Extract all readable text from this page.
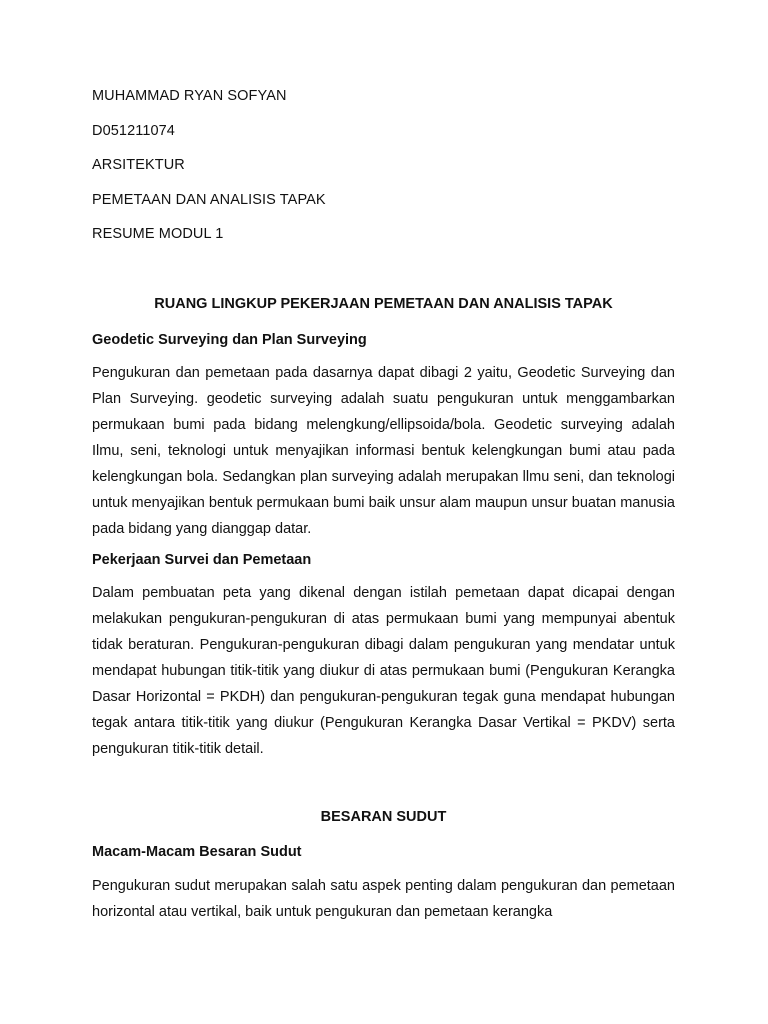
MUHAMMAD RYAN SOFYAN
D051211074
ARSITEKTUR
PEMETAAN DAN ANALISIS TAPAK
RESUME MODUL 1
RUANG LINGKUP PEKERJAAN PEMETAAN DAN ANALISIS TAPAK
Geodetic Surveying dan Plan Surveying

Pengukuran dan pemetaan pada dasarnya dapat dibagi 2 yaitu, Geodetic Surveying dan Plan Surveying. geodetic surveying adalah suatu pengukuran untuk menggambarkan permukaan bumi pada bidang melengkung/ellipsoida/bola. Geodetic surveying adalah Ilmu, seni, teknologi untuk menyajikan informasi bentuk kelengkungan bumi atau pada kelengkungan bola. Sedangkan plan surveying adalah merupakan llmu seni, dan teknologi untuk menyajikan bentuk permukaan bumi baik unsur alam maupun unsur buatan manusia pada bidang yang dianggap datar.

Pekerjaan Survei dan Pemetaan

Dalam pembuatan peta yang dikenal dengan istilah pemetaan dapat dicapai dengan melakukan pengukuran-pengukuran di atas permukaan bumi yang mempunyai abentuk tidak beraturan. Pengukuran-pengukuran dibagi dalam pengukuran yang mendatar untuk mendapat hubungan titik-titik yang diukur di atas permukaan bumi (Pengukuran Kerangka Dasar Horizontal = PKDH) dan pengukuran-pengukuran tegak guna mendapat hubungan tegak antara titik-titik yang diukur (Pengukuran Kerangka Dasar Vertikal = PKDV) serta pengukuran titik-titik detail.

BESARAN SUDUT
Macam-Macam Besaran Sudut

Pengukuran sudut merupakan salah satu aspek penting dalam pengukuran dan pemetaan horizontal atau vertikal, baik untuk pengukuran dan pemetaan kerangka
